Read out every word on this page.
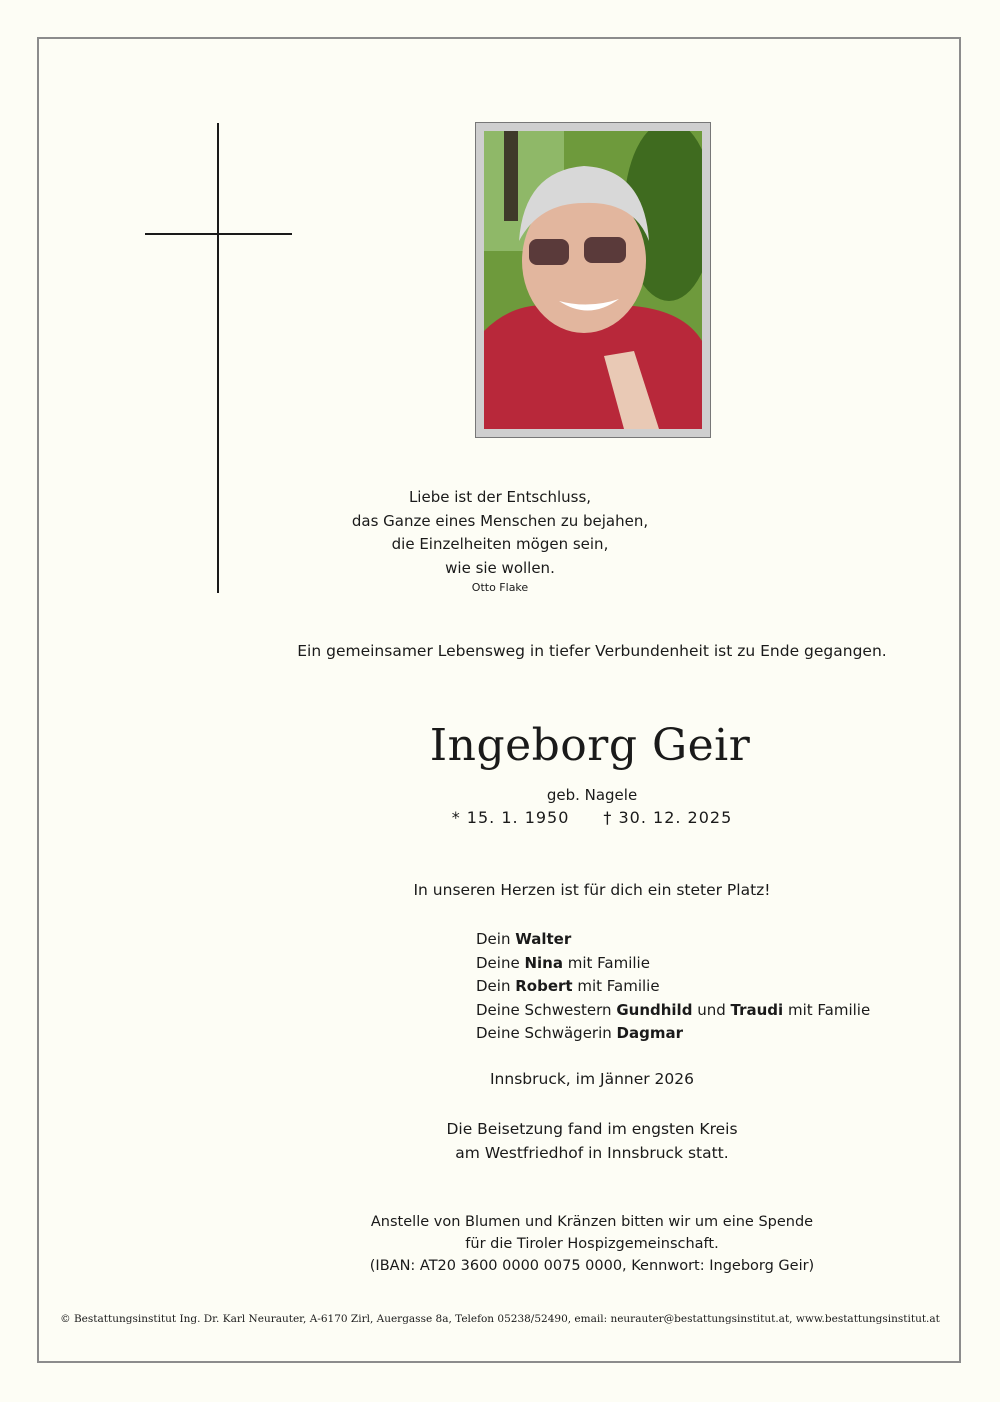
Liebe ist der Entschluss,
das Ganze eines Menschen zu bejahen,
die Einzelheiten mögen sein,
wie sie wollen.
Otto Flake
Ein gemeinsamer Lebensweg in tiefer Verbundenheit ist zu Ende gegangen.
Ingeborg Geir
geb. Nagele
* 15. 1. 1950 † 30. 12. 2025
In unseren Herzen ist für dich ein steter Platz!
Dein Walter
Deine Nina mit Familie
Dein Robert mit Familie
Deine Schwestern Gundhild und Traudi mit Familie
Deine Schwägerin Dagmar
Innsbruck, im Jänner 2026
Die Beisetzung fand im engsten Kreis
am Westfriedhof in Innsbruck statt.
Anstelle von Blumen und Kränzen bitten wir um eine Spende
für die Tiroler Hospizgemeinschaft.
(IBAN: AT20 3600 0000 0075 0000, Kennwort: Ingeborg Geir)
© Bestattungsinstitut Ing. Dr. Karl Neurauter, A-6170 Zirl, Auergasse 8a, Telefon 05238/52490, email: neurauter@bestattungsinstitut.at, www.bestattungsinstitut.at
